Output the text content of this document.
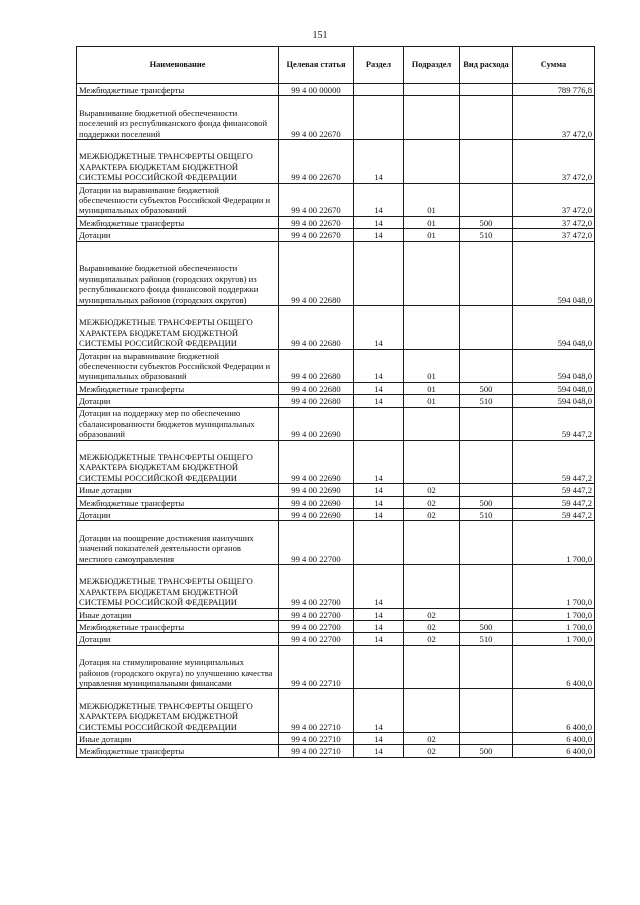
151
Наименование	Целевая статья	Раздел	Подраздел	Вид расхода	Сумма
Межбюджетные трансферты	99 4 00 00000				789 776,8
Выравнивание бюджетной обеспеченности поселений из республиканского фонда финансовой поддержки поселений	99 4 00 22670				37 472,0
МЕЖБЮДЖЕТНЫЕ ТРАНСФЕРТЫ ОБЩЕГО ХАРАКТЕРА БЮДЖЕТАМ БЮДЖЕТНОЙ СИСТЕМЫ РОССИЙСКОЙ ФЕДЕРАЦИИ	99 4 00 22670	14			37 472,0
Дотации на выравнивание бюджетной обеспеченности субъектов Российской Федерации и муниципальных образований	99 4 00 22670	14	01		37 472,0
Межбюджетные трансферты	99 4 00 22670	14	01	500	37 472,0
Дотации	99 4 00 22670	14	01	510	37 472,0
Выравнивание бюджетной обеспеченности муниципальных районов (городских округов) из республиканского фонда финансовой поддержки муниципальных районов (городских округов)	99 4 00 22680				594 048,0
МЕЖБЮДЖЕТНЫЕ ТРАНСФЕРТЫ ОБЩЕГО ХАРАКТЕРА БЮДЖЕТАМ БЮДЖЕТНОЙ СИСТЕМЫ РОССИЙСКОЙ ФЕДЕРАЦИИ	99 4 00 22680	14			594 048,0
Дотации на выравнивание бюджетной обеспеченности субъектов Российской Федерации и муниципальных образований	99 4 00 22680	14	01		594 048,0
Межбюджетные трансферты	99 4 00 22680	14	01	500	594 048,0
Дотации	99 4 00 22680	14	01	510	594 048,0
Дотации на поддержку мер по обеспечению сбалансированности бюджетов муниципальных образований	99 4 00 22690				59 447,2
МЕЖБЮДЖЕТНЫЕ ТРАНСФЕРТЫ ОБЩЕГО ХАРАКТЕРА БЮДЖЕТАМ БЮДЖЕТНОЙ СИСТЕМЫ РОССИЙСКОЙ ФЕДЕРАЦИИ	99 4 00 22690	14			59 447,2
Иные дотации	99 4 00 22690	14	02		59 447,2
Межбюджетные трансферты	99 4 00 22690	14	02	500	59 447,2
Дотации	99 4 00 22690	14	02	510	59 447,2
Дотации на поощрение достижения наилучших значений показателей деятельности органов местного самоуправления	99 4 00 22700				1 700,0
МЕЖБЮДЖЕТНЫЕ ТРАНСФЕРТЫ ОБЩЕГО ХАРАКТЕРА БЮДЖЕТАМ БЮДЖЕТНОЙ СИСТЕМЫ РОССИЙСКОЙ ФЕДЕРАЦИИ	99 4 00 22700	14			1 700,0
Иные дотации	99 4 00 22700	14	02		1 700,0
Межбюджетные трансферты	99 4 00 22700	14	02	500	1 700,0
Дотации	99 4 00 22700	14	02	510	1 700,0
Дотация на стимулирование муниципальных районов (городского округа) по улучшению качества управления муниципальными финансами	99 4 00 22710				6 400,0
МЕЖБЮДЖЕТНЫЕ ТРАНСФЕРТЫ ОБЩЕГО ХАРАКТЕРА БЮДЖЕТАМ БЮДЖЕТНОЙ СИСТЕМЫ РОССИЙСКОЙ ФЕДЕРАЦИИ	99 4 00 22710	14			6 400,0
Иные дотации	99 4 00 22710	14	02		6 400,0
Межбюджетные трансферты	99 4 00 22710	14	02	500	6 400,0
